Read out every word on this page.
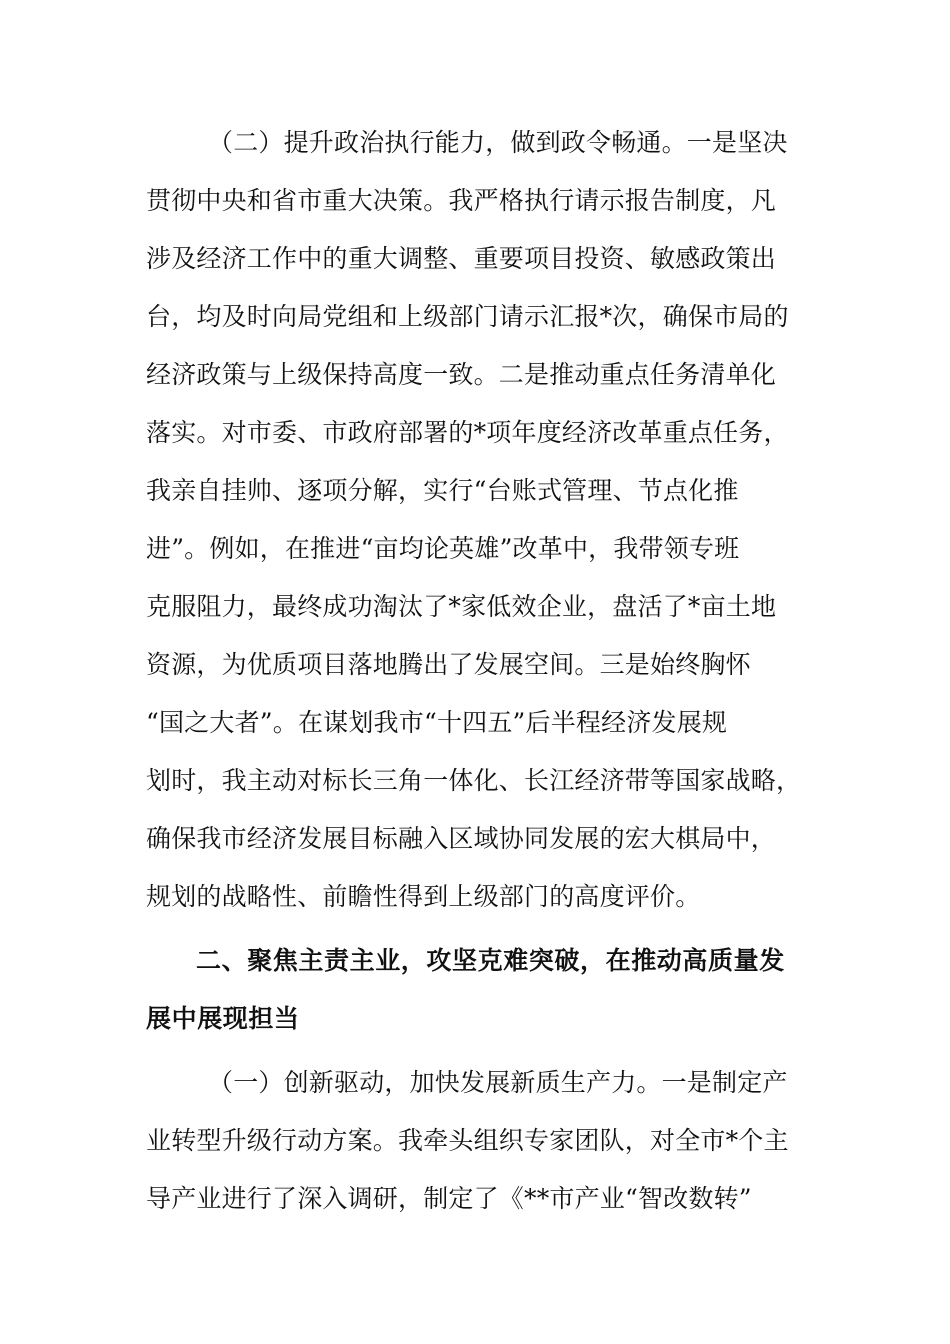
（二）提升政治执行能力，做到政令畅通。一是坚决
贯彻中央和省市重大决策。我严格执行请示报告制度，凡
涉及经济工作中的重大调整、重要项目投资、敏感政策出
台，均及时向局党组和上级部门请示汇报*次，确保市局的
经济政策与上级保持高度一致。二是推动重点任务清单化
落实。对市委、市政府部署的*项年度经济改革重点任务，
我亲自挂帅、逐项分解，实行“台账式管理、节点化推
进”。例如，在推进“亩均论英雄”改革中，我带领专班
克服阻力，最终成功淘汰了*家低效企业，盘活了*亩土地
资源，为优质项目落地腾出了发展空间。三是始终胸怀
“国之大者”。在谋划我市“十四五”后半程经济发展规
划时，我主动对标长三角一体化、长江经济带等国家战略，
确保我市经济发展目标融入区域协同发展的宏大棋局中，
规划的战略性、前瞻性得到上级部门的高度评价。
二、聚焦主责主业，攻坚克难突破，在推动高质量发
展中展现担当
（一）创新驱动，加快发展新质生产力。一是制定产
业转型升级行动方案。我牵头组织专家团队，对全市*个主
导产业进行了深入调研，制定了《**市产业“智改数转”
